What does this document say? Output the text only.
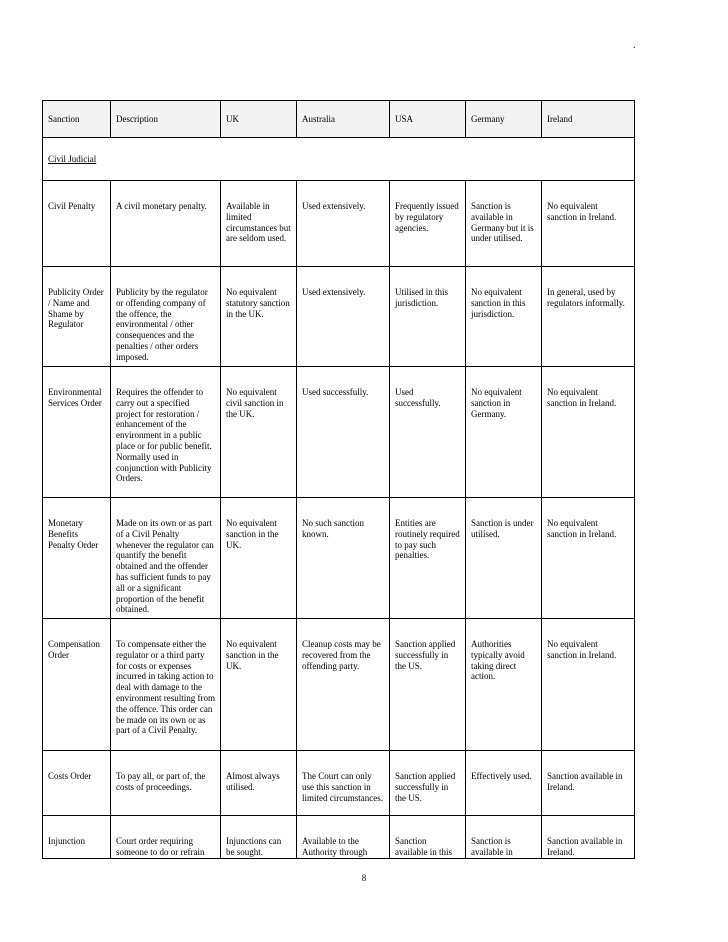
.
Sanction	Description	UK	Australia	USA	Germany	Ireland
Civil Judicial						
Civil Penalty	A civil monetary penalty.	Available in limited circumstances but are seldom used.	Used extensively.	Frequently issued by regulatory agencies.	Sanction is available in Germany but it is under utilised.	No equivalent sanction in Ireland.
Publicity Order / Name and Shame by Regulator	Publicity by the regulator or offending company of the offence, the environmental / other consequences and the penalties / other orders imposed.	No equivalent statutory sanction in the UK.	Used extensively.	Utilised in this jurisdiction.	No equivalent sanction in this jurisdiction.	In general, used by regulators informally.
Environmental Services Order	Requires the offender to carry out a specified project for restoration / enhancement of the environment in a public place or for public benefit. Normally used in conjunction with Publicity Orders.	No equivalent civil sanction in the UK.	Used successfully.	Used successfully.	No equivalent sanction in Germany.	No equivalent sanction in Ireland.
Monetary Benefits Penalty Order	Made on its own or as part of a Civil Penalty whenever the regulator can quantify the benefit obtained and the offender has sufficient funds to pay all or a significant proportion of the benefit obtained.	No equivalent sanction in the UK.	No such sanction known.	Entities are routinely required to pay such penalties.	Sanction is under utilised.	No equivalent sanction in Ireland.
Compensation Order	To compensate either the regulator or a third party for costs or expenses incurred in taking action to deal with damage to the environment resulting from the offence. This order can be made on its own or as part of a Civil Penalty.	No equivalent sanction in the UK.	Cleanup costs may be recovered from the offending party.	Sanction applied successfully in the US.	Authorities typically avoid taking direct action.	No equivalent sanction in Ireland.
Costs Order	To pay all, or part of, the costs of proceedings.	Almost always utilised.	The Court can only use this sanction in limited circumstances.	Sanction applied successfully in the US.	Effectively used.	Sanction available in Ireland.
Injunction	Court order requiring someone to do or refrain	Injunctions can be sought.	Available to the Authority through	Sanction available in this	Sanction is available in	Sanction available in Ireland.
8
